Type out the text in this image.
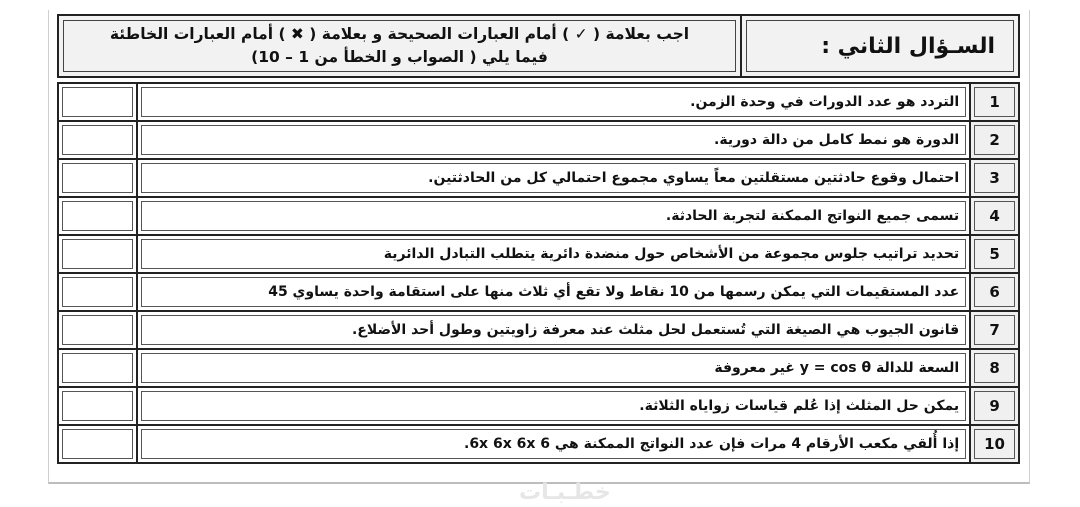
السـؤال الثاني :
اجب بعلامة ( ✓ ) أمام العبارات الصحيحة و بعلامة ( ✖ ) أمام العبارات الخاطئة
فيما يلي ( الصواب و الخطأ من 1 – 10)
1	التردد هو عدد الدورات في وحدة الزمن.	

2	الدورة هو نمط كامل من دالة دورية.	

3	احتمال وقوع حادثتين مستقلتين معاً يساوي مجموع احتمالي كل من الحادثتين.	

4	تسمى جميع النواتج الممكنة لتجربة الحادثة.	

5	تحديد تراتيب جلوس مجموعة من الأشخاص حول منضدة دائرية يتطلب التبادل الدائرية	

6	عدد المستقيمات التي يمكن رسمها من 10 نقاط ولا تقع أي ثلاث منها على استقامة واحدة يساوي 45	

7	قانون الجيوب هي الصيغة التي تُستعمل لحل مثلث عند معرفة زاويتين وطول أحد الأضلاع.	

8	السعة للدالة y = cos θ غير معروفة	

9	يمكن حل المثلث إذا عُلم قياسات زواياه الثلاثة.	

10	إذا أُلقي مكعب الأرقام 4 مرات فإن عدد النواتج الممكنة هي 6x 6x 6x 6.	

خطـبـات
